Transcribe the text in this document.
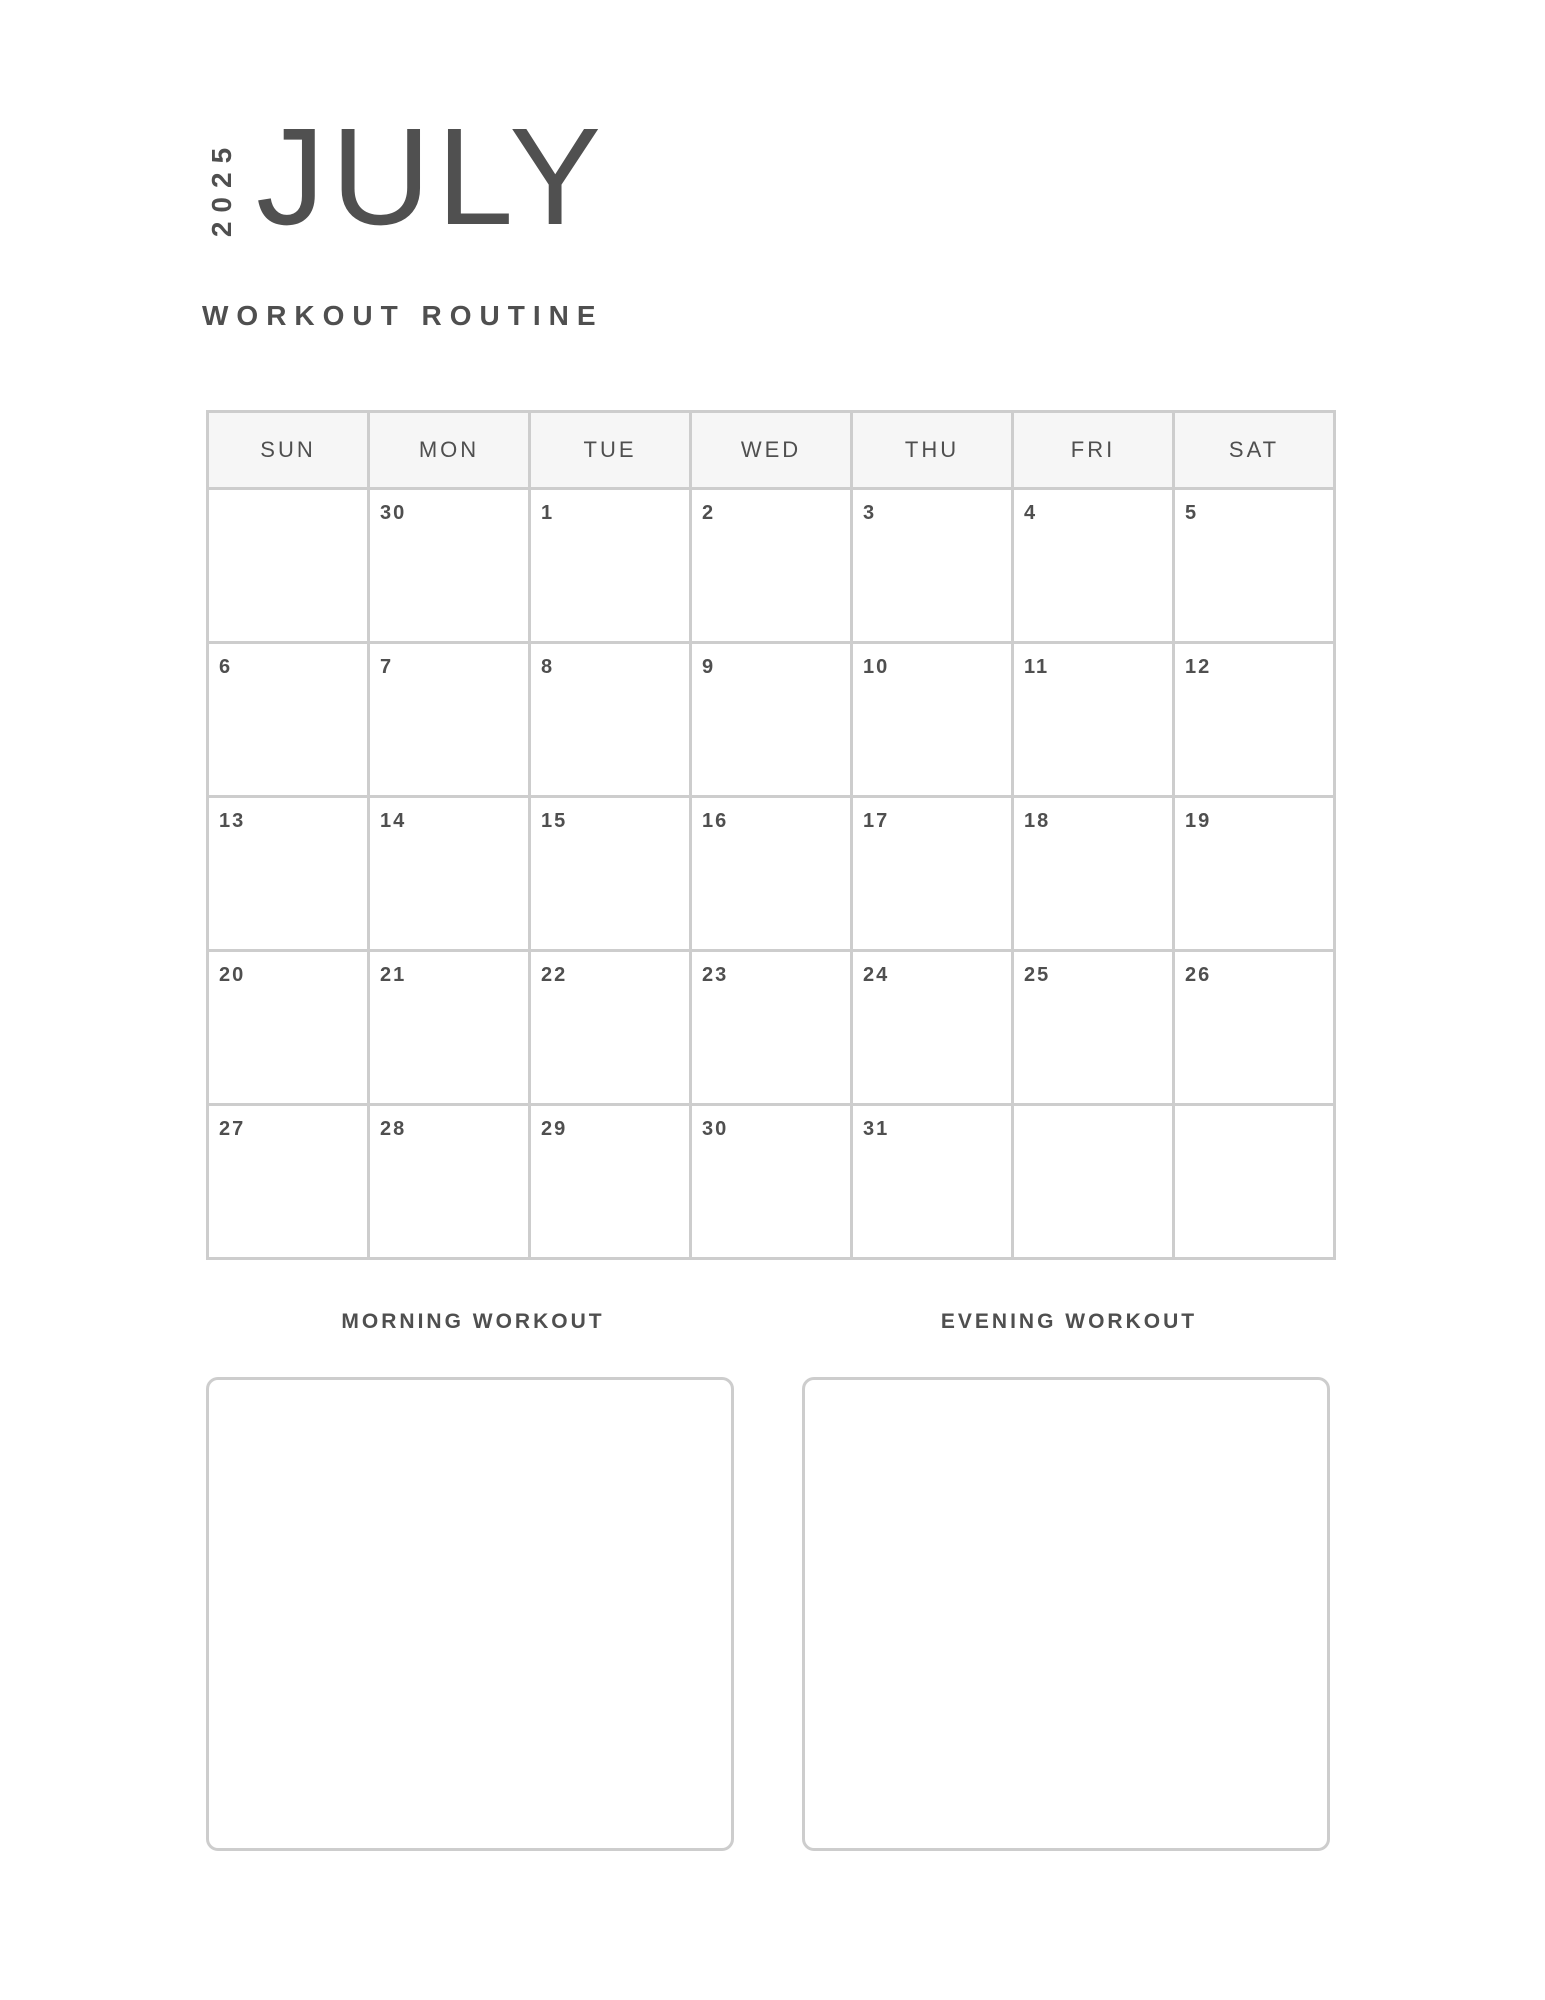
2025 JULY
WORKOUT ROUTINE
SUN	MON	TUE	WED	THU	FRI	SAT

	30	1	2	3	4	5

6	7	8	9	10	11	12

13	14	15	16	17	18	19

20	21	22	23	24	25	26

27	28	29	30	31		

MORNING WORKOUT	EVENING WORKOUT
